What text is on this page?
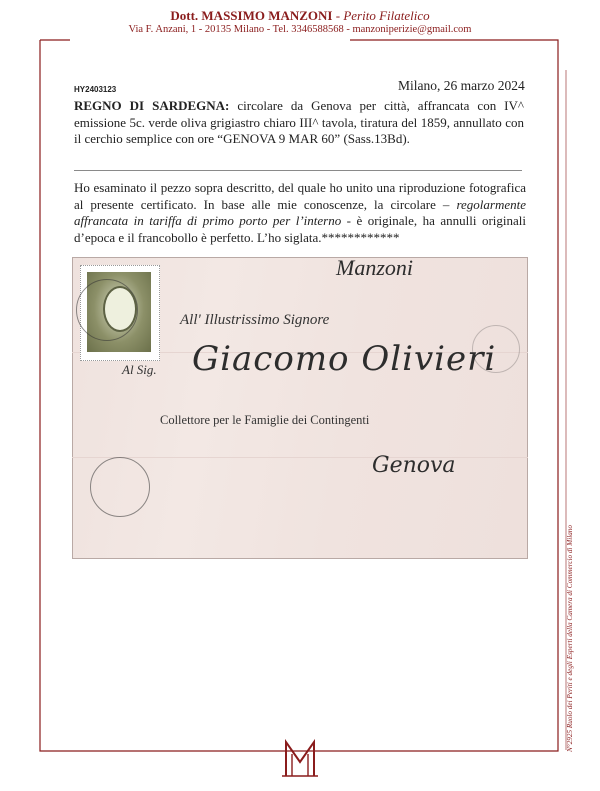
Dott. MASSIMO MANZONI - Perito Filatelico
Via F. Anzani, 1 - 20135 Milano - Tel. 3346588568 - manzoniperizie@gmail.com
HY2403123	Milano, 26 marzo 2024
REGNO DI SARDEGNA: circolare da Genova per città, affrancata con IV^ emissione 5c. verde oliva grigiastro chiaro III^ tavola, tiratura del 1859, annullato con il cerchio semplice con ore “GENOVA 9 MAR 60” (Sass.13Bd).
Ho esaminato il pezzo sopra descritto, del quale ho unito una riproduzione fotografica al presente certificato. In base alle mie conoscenze, la circolare – regolarmente affrancata in tariffa di primo porto per l’interno - è originale, ha annulli originali d’epoca e il francobollo è perfetto. L’ho siglata.************
All' Illustrissimo Signore
Al Sig. Giacomo Olivieri
Collettore per le Famiglie dei Contingenti
Genova
Manzoni
N°2925 Ruolo dei Periti e degli Esperti della Camera di Commercio di Milano
